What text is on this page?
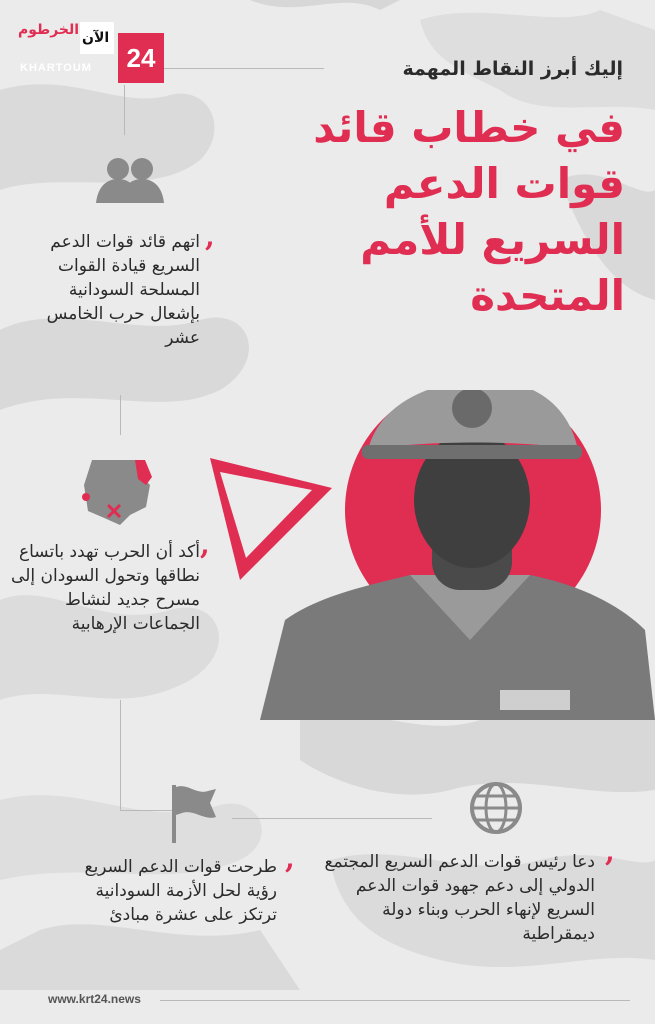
الخرطوم الآن
KHARTOUM	24	إليك أبرز النقاط المهمة
في خطاب قائد قوات الدعم السريع للأمم المتحدة
,
اتهم قائد قوات الدعم السريع قيادة القوات المسلحة السودانية بإشعال حرب الخامس عشر
,
أكد أن الحرب تهدد باتساع نطاقها وتحول السودان إلى مسرح جديد لنشاط الجماعات الإرهابية
,
طرحت قوات الدعم السريع رؤية لحل الأزمة السودانية ترتكز على عشرة مبادئ
,
دعا رئيس قوات الدعم السريع المجتمع الدولي إلى دعم جهود قوات الدعم السريع لإنهاء الحرب وبناء دولة ديمقراطية
www.krt24.news
